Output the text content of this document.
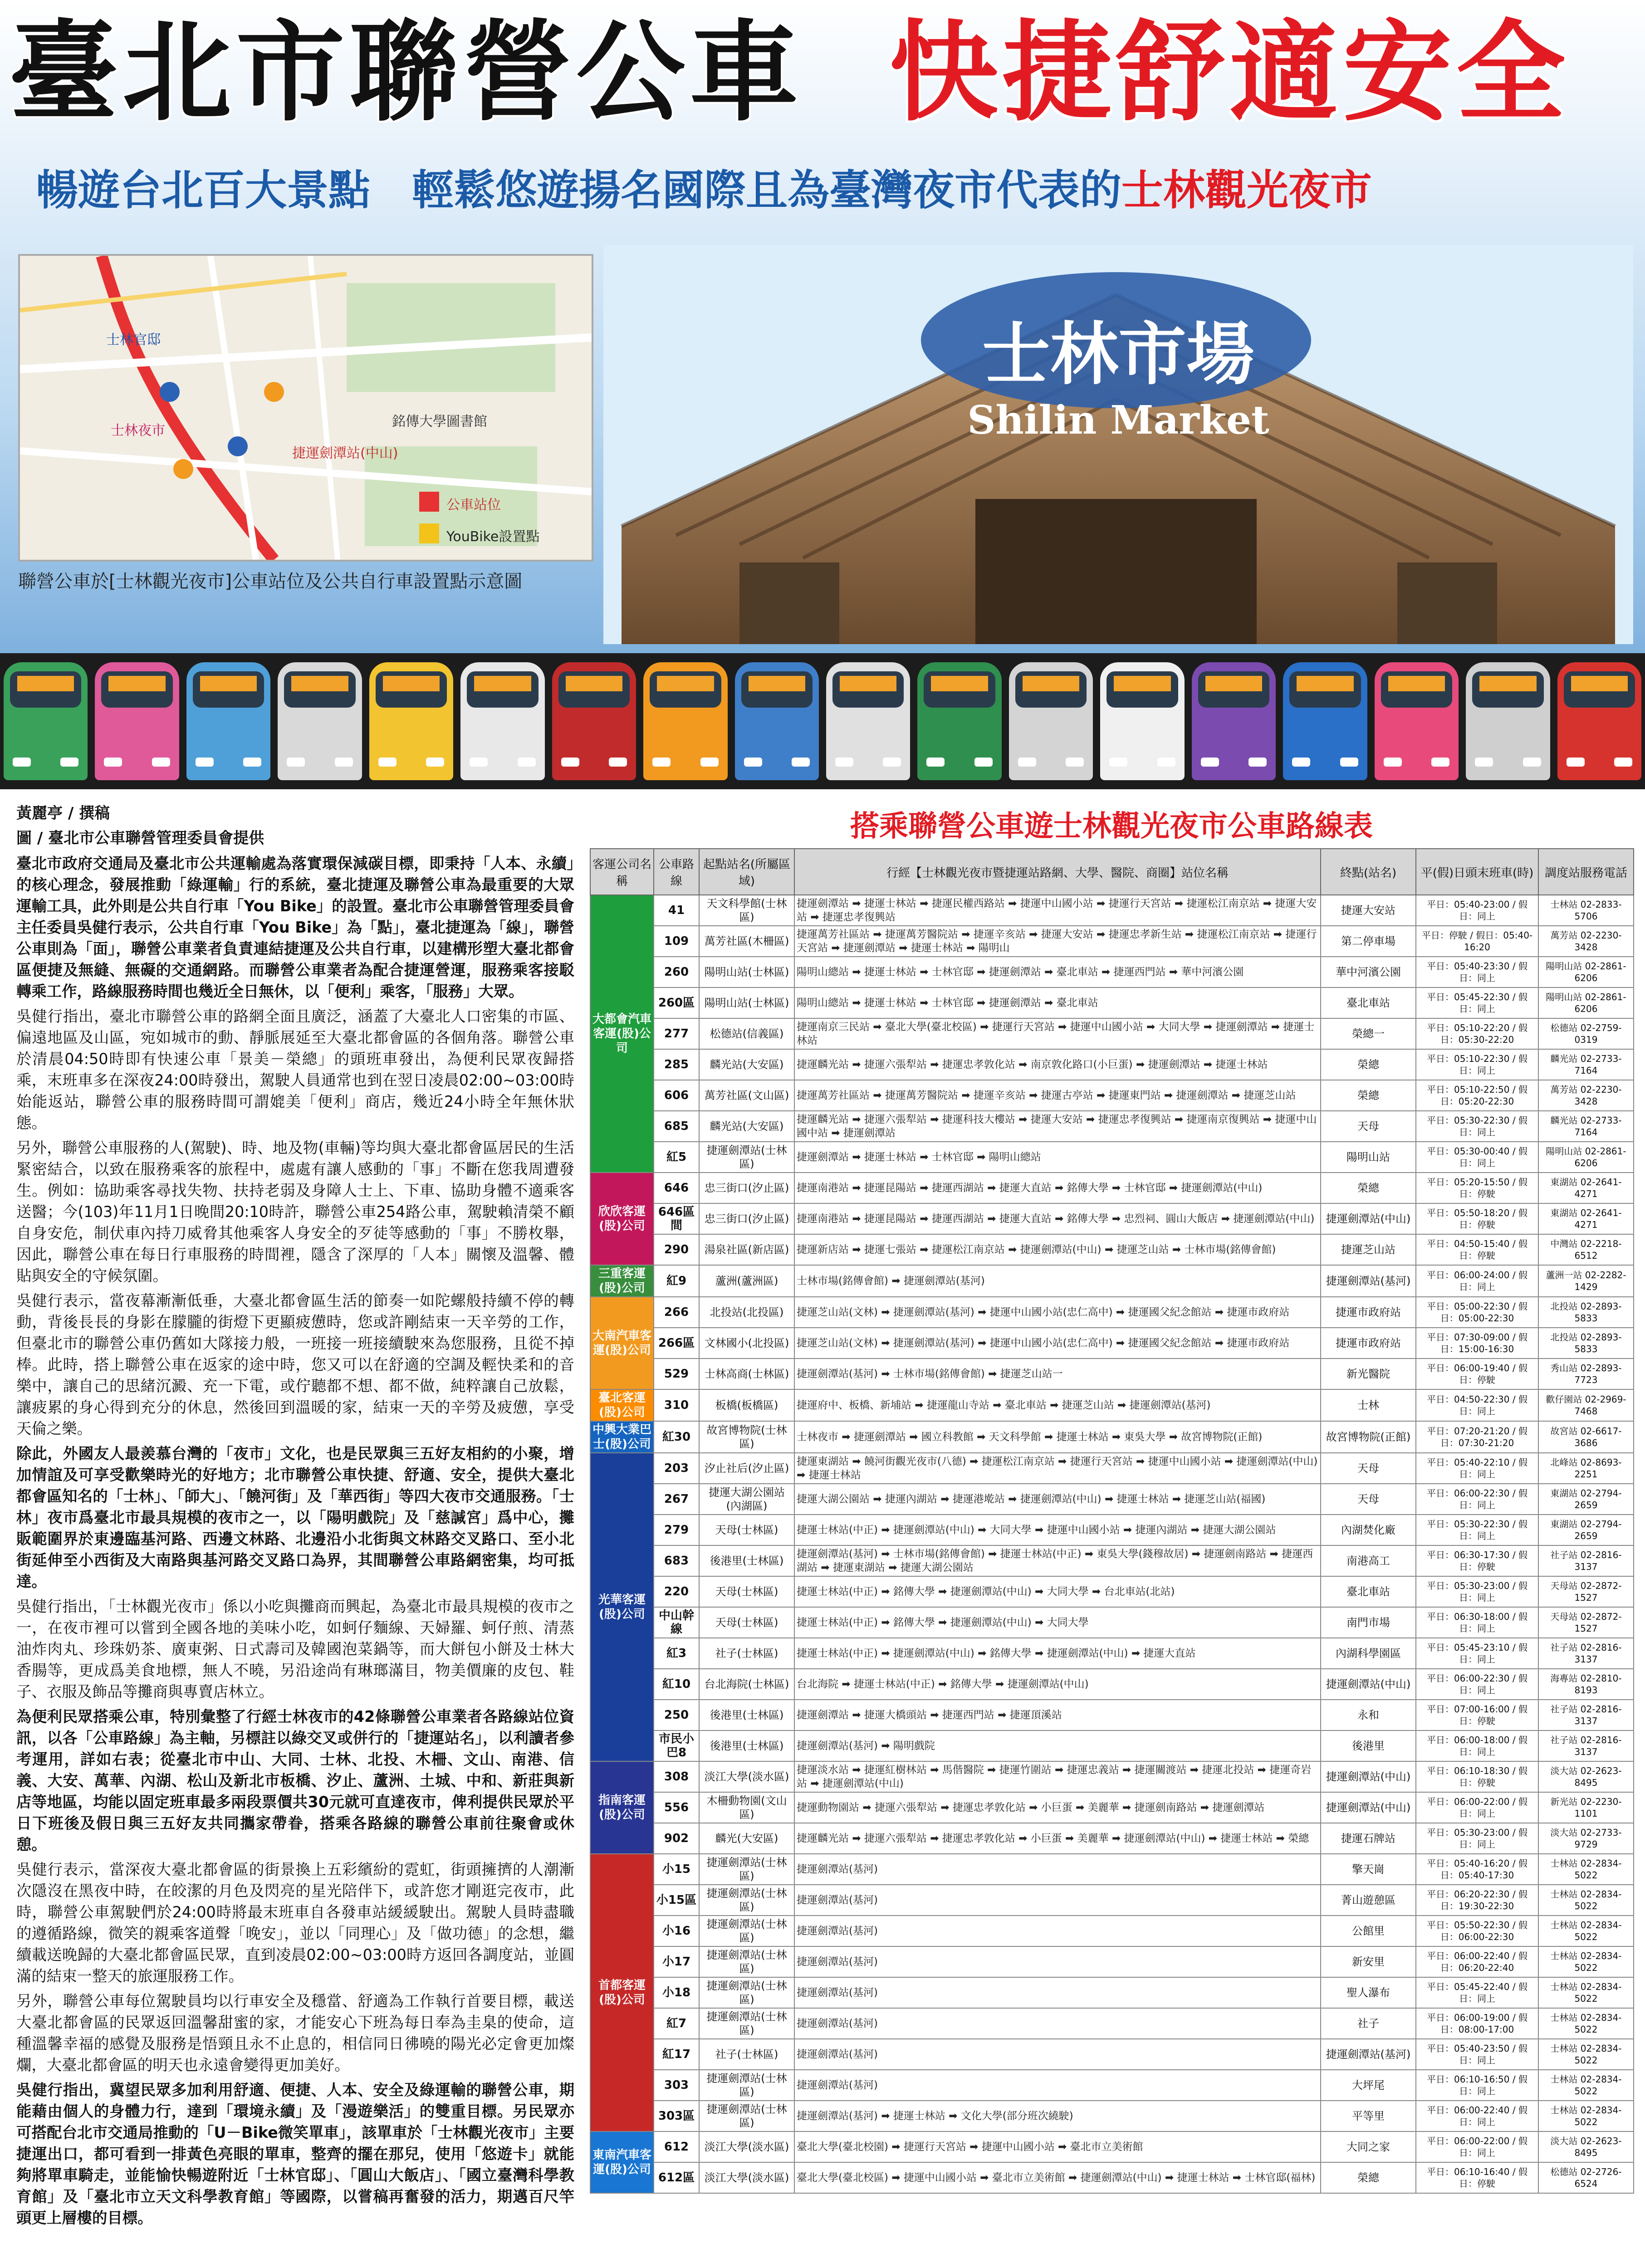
臺北市聯營公車 快捷舒適安全
暢遊台北百大景點　輕鬆悠遊揚名國際且為臺灣夜市代表的士林觀光夜市
士林官邸
士林夜市
捷運劍潭站(中山)
公車站位
YouBike設置點
銘傳大學圖書館
聯營公車於[士林觀光夜市]公車站位及公共自行車設置點示意圖
士林市場
Shilin Market

黃麗亭 / 撰稿

圖 / 臺北市公車聯營管理委員會提供

臺北市政府交通局及臺北市公共運輸處為落實環保減碳目標，即秉持「人本、永續」的核心理念，發展推動「綠運輸」行的系統，臺北捷運及聯營公車為最重要的大眾運輸工具，此外則是公共自行車「You Bike」的設置。臺北市公車聯營管理委員會主任委員吳健行表示，公共自行車「You Bike」為「點」，臺北捷運為「線」，聯營公車則為「面」，聯營公車業者負責連結捷運及公共自行車，以建構形塑大臺北都會區便捷及無縫、無礙的交通網路。而聯營公車業者為配合捷運營運，服務乘客接駁轉乘工作，路線服務時間也幾近全日無休，以「便利」乘客，「服務」大眾。

吳健行指出，臺北市聯營公車的路網全面且廣泛，涵蓋了大臺北人口密集的市區、偏遠地區及山區，宛如城市的動、靜脈展延至大臺北都會區的各個角落。聯營公車於清晨04:50時即有快速公車「景美－榮總」的頭班車發出，為便利民眾夜歸搭乘，末班車多在深夜24:00時發出，駕駛人員通常也到在翌日凌晨02:00~03:00時始能返站，聯營公車的服務時間可謂媲美「便利」商店，幾近24小時全年無休狀態。

另外，聯營公車服務的人(駕駛)、時、地及物(車輛)等均與大臺北都會區居民的生活緊密結合，以致在服務乘客的旅程中，處處有讓人感動的「事」不斷在您我周遭發生。例如：協助乘客尋找失物、扶持老弱及身障人士上、下車、協助身體不適乘客送醫；今(103)年11月1日晚間20:10時許，聯營公車254路公車，駕駛賴清榮不顧自身安危，制伏車內持刀威脅其他乘客人身安全的歹徒等感動的「事」不勝枚舉，因此，聯營公車在每日行車服務的時間裡，隱含了深厚的「人本」關懷及溫馨、體貼與安全的守候氛圍。

吳健行表示，當夜幕漸漸低垂，大臺北都會區生活的節奏一如陀螺般持續不停的轉動，背後長長的身影在朦朧的街燈下更顯疲憊時，您或許剛結束一天辛勞的工作，但臺北市的聯營公車仍舊如大隊接力般，一班接一班接續駛來為您服務，且從不掉棒。此時，搭上聯營公車在返家的途中時，您又可以在舒適的空調及輕快柔和的音樂中，讓自己的思緒沉澱、充一下電，或佇聽都不想、都不做，純粹讓自己放鬆，讓疲累的身心得到充分的休息，然後回到溫暖的家，結束一天的辛勞及疲憊，享受天倫之樂。

除此，外國友人最羨慕台灣的「夜市」文化，也是民眾與三五好友相約的小聚，增加情誼及可享受歡樂時光的好地方；北市聯營公車快捷、舒適、安全，提供大臺北都會區知名的「士林」、「師大」、「饒河街」及「華西街」等四大夜市交通服務。「士林」夜市爲臺北市最具規模的夜市之一，以「陽明戲院」及「慈諴宮」爲中心，攤販範圍界於東邊臨基河路、西邊文林路、北邊沿小北街與文林路交叉路口、至小北街延伸至小西街及大南路與基河路交叉路口為界，其間聯營公車路網密集，均可抵達。

吳健行指出，「士林觀光夜市」係以小吃與攤商而興起，為臺北市最具規模的夜市之一，在夜市裡可以嘗到全國各地的美味小吃，如蚵仔麵線、天婦羅、蚵仔煎、清蒸油炸肉丸、珍珠奶茶、廣東粥、日式壽司及韓國泡菜鍋等，而大餅包小餅及士林大香腸等，更成爲美食地標，無人不曉，另沿途尚有琳瑯滿目，物美價廉的皮包、鞋子、衣服及飾品等攤商與專賣店林立。

為便利民眾搭乘公車，特別彙整了行經士林夜市的42條聯營公車業者各路線站位資訊，以各「公車路線」為主軸，另標註以綠交叉或併行的「捷運站名」，以利讀者參考運用，詳如右表；從臺北市中山、大同、士林、北投、木柵、文山、南港、信義、大安、萬華、內湖、松山及新北市板橋、汐止、蘆洲、土城、中和、新莊與新店等地區，均能以固定班車最多兩段票價共30元就可直達夜市，俾利提供民眾於平日下班後及假日與三五好友共同攜家帶眷，搭乘各路線的聯營公車前往聚會或休憩。

吳健行表示，當深夜大臺北都會區的街景換上五彩繽紛的霓虹，街頭擁擠的人潮漸次隱沒在黑夜中時，在皎潔的月色及閃亮的星光陪伴下，或許您才剛逛完夜市，此時，聯營公車駕駛們於24:00時將最末班車自各發車站緩緩駛出。駕駛人員時盡職的遵循路線，微笑的親乘客道聲「晚安」，並以「同理心」及「做功德」的念想，繼續載送晚歸的大臺北都會區民眾，直到凌晨02:00~03:00時方返回各調度站，並圓滿的結束一整天的旅運服務工作。

另外，聯營公車每位駕駛員均以行車安全及穩當、舒適為工作執行首要目標，載送大臺北都會區的民眾返回溫馨甜蜜的家，才能安心下班為每日奉為圭臬的使命，這種溫馨幸福的感覺及服務是悟頸且永不止息的，相信同日彿曉的陽光必定會更加燦爛，大臺北都會區的明天也永遠會變得更加美好。

吳健行指出，冀望民眾多加利用舒適、便捷、人本、安全及綠運輸的聯營公車，期能藉由個人的身體力行，達到「環境永續」及「漫遊樂活」的雙重目標。另民眾亦可搭配台北市交通局推動的「U－Bike微笑單車」，該單車於「士林觀光夜市」主要捷運出口，都可看到一排黃色亮眼的單車，整齊的擺在那兒，使用「悠遊卡」就能夠將單車騎走，並能愉快暢遊附近「士林官邸」、「圓山大飯店」、「國立臺灣科學教育館」及「臺北市立天文科學教育館」等國際，以嘗稿再奮發的活力，期邁百尺竿頭更上層樓的目標。

搭乘聯營公車遊士林觀光夜市公車路線表
客運公司名稱	公車路線	起點站名(所屬區域)	行經【士林觀光夜市暨捷運站路網、大學、醫院、商圈】站位名稱	終點(站名)	平(假)日頭末班車(時)	調度站服務電話
大都會汽車客運(股)公司	41	天文科學館(士林區)	捷運劍潭站 ➡ 捷運士林站 ➡ 捷運民權西路站 ➡ 捷運中山國小站 ➡ 捷運行天宮站 ➡ 捷運松江南京站 ➡ 捷運大安站 ➡ 捷運忠孝復興站	捷運大安站	平日：05:40-23:00 / 假日：同上	士林站 02-2833-5706
	109	萬芳社區(木柵區)	捷運萬芳社區站 ➡ 捷運萬芳醫院站 ➡ 捷運辛亥站 ➡ 捷運大安站 ➡ 捷運忠孝新生站 ➡ 捷運松江南京站 ➡ 捷運行天宮站 ➡ 捷運劍潭站 ➡ 捷運士林站 ➡ 陽明山	第二停車場	平日：停駛 / 假日：05:40-16:20	萬芳站 02-2230-3428
	260	陽明山站(士林區)	陽明山總站 ➡ 捷運士林站 ➡ 士林官邸 ➡ 捷運劍潭站 ➡ 臺北車站 ➡ 捷運西門站 ➡ 華中河濱公園	華中河濱公園	平日：05:40-23:30 / 假日：同上	陽明山站 02-2861-6206
	260區	陽明山站(士林區)	陽明山總站 ➡ 捷運士林站 ➡ 士林官邸 ➡ 捷運劍潭站 ➡ 臺北車站	臺北車站	平日：05:45-22:30 / 假日：同上	陽明山站 02-2861-6206
	277	松德站(信義區)	捷運南京三民站 ➡ 臺北大學(臺北校區) ➡ 捷運行天宮站 ➡ 捷運中山國小站 ➡ 大同大學 ➡ 捷運劍潭站 ➡ 捷運士林站	榮總一	平日：05:10-22:20 / 假日：05:30-22:20	松德站 02-2759-0319
	285	麟光站(大安區)	捷運麟光站 ➡ 捷運六張犁站 ➡ 捷運忠孝敦化站 ➡ 南京敦化路口(小巨蛋) ➡ 捷運劍潭站 ➡ 捷運士林站	榮總	平日：05:10-22:30 / 假日：同上	麟光站 02-2733-7164
	606	萬芳社區(文山區)	捷運萬芳社區站 ➡ 捷運萬芳醫院站 ➡ 捷運辛亥站 ➡ 捷運古亭站 ➡ 捷運東門站 ➡ 捷運劍潭站 ➡ 捷運芝山站	榮總	平日：05:10-22:50 / 假日：05:20-22:30	萬芳站 02-2230-3428
	685	麟光站(大安區)	捷運麟光站 ➡ 捷運六張犁站 ➡ 捷運科技大樓站 ➡ 捷運大安站 ➡ 捷運忠孝復興站 ➡ 捷運南京復興站 ➡ 捷運中山國中站 ➡ 捷運劍潭站	天母	平日：05:30-22:30 / 假日：同上	麟光站 02-2733-7164
	紅5	捷運劍潭站(士林區)	捷運劍潭站 ➡ 捷運士林站 ➡ 士林官邸 ➡ 陽明山總站	陽明山站	平日：05:30-00:40 / 假日：同上	陽明山站 02-2861-6206
欣欣客運(股)公司	646	忠三街口(汐止區)	捷運南港站 ➡ 捷運昆陽站 ➡ 捷運西湖站 ➡ 捷運大直站 ➡ 銘傳大學 ➡ 士林官邸 ➡ 捷運劍潭站(中山)	榮總	平日：05:20-15:50 / 假日：停駛	東湖站 02-2641-4271
	646區間	忠三街口(汐止區)	捷運南港站 ➡ 捷運昆陽站 ➡ 捷運西湖站 ➡ 捷運大直站 ➡ 銘傳大學 ➡ 忠烈祠、圓山大飯店 ➡ 捷運劍潭站(中山)	捷運劍潭站(中山)	平日：05:50-18:20 / 假日：停駛	東湖站 02-2641-4271
	290	湯泉社區(新店區)	捷運新店站 ➡ 捷運七張站 ➡ 捷運松江南京站 ➡ 捷運劍潭站(中山) ➡ 捷運芝山站 ➡ 士林市場(銘傳會館)	捷運芝山站	平日：04:50-15:40 / 假日：停駛	中灣站 02-2218-6512
三重客運(股)公司	紅9	蘆洲(蘆洲區)	士林市場(銘傳會館) ➡ 捷運劍潭站(基河)	捷運劍潭站(基河)	平日：06:00-24:00 / 假日：同上	蘆洲一站 02-2282-1429
大南汽車客運(股)公司	266	北投站(北投區)	捷運芝山站(文林) ➡ 捷運劍潭站(基河) ➡ 捷運中山國小站(忠仁高中) ➡ 捷運國父紀念館站 ➡ 捷運市政府站	捷運市政府站	平日：05:00-22:30 / 假日：05:00-22:30	北投站 02-2893-5833
	266區	文林國小(北投區)	捷運芝山站(文林) ➡ 捷運劍潭站(基河) ➡ 捷運中山國小站(忠仁高中) ➡ 捷運國父紀念館站 ➡ 捷運市政府站	捷運市政府站	平日：07:30-09:00 / 假日：15:00-16:30	北投站 02-2893-5833
	529	士林高商(士林區)	捷運劍潭站(基河) ➡ 士林市場(銘傳會館) ➡ 捷運芝山站一	新光醫院	平日：06:00-19:40 / 假日：停駛	秀山站 02-2893-7723
臺北客運(股)公司	310	板橋(板橋區)	捷運府中、板橋、新埔站 ➡ 捷運龍山寺站 ➡ 臺北車站 ➡ 捷運芝山站 ➡ 捷運劍潭站(基河)	士林	平日：04:50-22:30 / 假日：同上	歡仔園站 02-2969-7468
中興大業巴士(股)公司	紅30	故宮博物院(士林區)	士林夜市 ➡ 捷運劍潭站 ➡ 國立科教館 ➡ 天文科學館 ➡ 捷運士林站 ➡ 東吳大學 ➡ 故宮博物院(正館)	故宮博物院(正館)	平日：07:20-21:20 / 假日：07:30-21:20	故宮站 02-6617-3686
光華客運(股)公司	203	汐止社后(汐止區)	捷運東湖站 ➡ 饒河街觀光夜市(八德) ➡ 捷運松江南京站 ➡ 捷運行天宮站 ➡ 捷運中山國小站 ➡ 捷運劍潭站(中山) ➡ 捷運士林站	天母	平日：05:40-22:10 / 假日：同上	北峰站 02-8693-2251
	267	捷運大湖公園站(內湖區)	捷運大湖公園站 ➡ 捷運內湖站 ➡ 捷運港墘站 ➡ 捷運劍潭站(中山) ➡ 捷運士林站 ➡ 捷運芝山站(福國)	天母	平日：06:00-22:30 / 假日：同上	東湖站 02-2794-2659
	279	天母(士林區)	捷運士林站(中正) ➡ 捷運劍潭站(中山) ➡ 大同大學 ➡ 捷運中山國小站 ➡ 捷運內湖站 ➡ 捷運大湖公園站	內湖焚化廠	平日：05:30-22:30 / 假日：同上	東湖站 02-2794-2659
	683	後港里(士林區)	捷運劍潭站(基河) ➡ 士林市場(銘傳會館) ➡ 捷運士林站(中正) ➡ 東吳大學(錢穆故居) ➡ 捷運劍南路站 ➡ 捷運西湖站 ➡ 捷運東湖站 ➡ 捷運大湖公園站	南港高工	平日：06:30-17:30 / 假日：停駛	社子站 02-2816-3137
	220	天母(士林區)	捷運士林站(中正) ➡ 銘傳大學 ➡ 捷運劍潭站(中山) ➡ 大同大學 ➡ 台北車站(北站)	臺北車站	平日：05:30-23:00 / 假日：同上	天母站 02-2872-1527
	中山幹線	天母(士林區)	捷運士林站(中正) ➡ 銘傳大學 ➡ 捷運劍潭站(中山) ➡ 大同大學	南門市場	平日：06:30-18:00 / 假日：同上	天母站 02-2872-1527
	紅3	社子(士林區)	捷運士林站(中正) ➡ 捷運劍潭站(中山) ➡ 銘傳大學 ➡ 捷運劍潭站(中山) ➡ 捷運大直站	內湖科學園區	平日：05:45-23:10 / 假日：同上	社子站 02-2816-3137
	紅10	台北海院(士林區)	台北海院 ➡ 捷運士林站(中正) ➡ 銘傳大學 ➡ 捷運劍潭站(中山)	捷運劍潭站(中山)	平日：06:00-22:30 / 假日：同上	海專站 02-2810-8193
	250	後港里(士林區)	捷運劍潭站 ➡ 捷運大橋頭站 ➡ 捷運西門站 ➡ 捷運頂溪站	永和	平日：07:00-16:00 / 假日：停駛	社子站 02-2816-3137
	市民小巴8	後港里(士林區)	捷運劍潭站(基河) ➡ 陽明戲院	後港里	平日：06:00-18:00 / 假日：同上	社子站 02-2816-3137
指南客運(股)公司	308	淡江大學(淡水區)	捷運淡水站 ➡ 捷運紅樹林站 ➡ 馬偕醫院 ➡ 捷運竹圍站 ➡ 捷運忠義站 ➡ 捷運關渡站 ➡ 捷運北投站 ➡ 捷運奇岩站 ➡ 捷運劍潭站(中山)	捷運劍潭站(中山)	平日：06:10-18:30 / 假日：停駛	淡大站 02-2623-8495
	556	木柵動物園(文山區)	捷運動物園站 ➡ 捷運六張犁站 ➡ 捷運忠孝敦化站 ➡ 小巨蛋 ➡ 美麗華 ➡ 捷運劍南路站 ➡ 捷運劍潭站	捷運劍潭站(中山)	平日：06:00-22:00 / 假日：同上	新光站 02-2230-1101
	902	麟光(大安區)	捷運麟光站 ➡ 捷運六張犁站 ➡ 捷運忠孝敦化站 ➡ 小巨蛋 ➡ 美麗華 ➡ 捷運劍潭站(中山) ➡ 捷運士林站 ➡ 榮總	捷運石牌站	平日：05:30-23:00 / 假日：同上	淡大站 02-2733-9729
首都客運(股)公司	小15	捷運劍潭站(士林區)	捷運劍潭站(基河)	擎天崗	平日：05:40-16:20 / 假日：05:40-17:30	士林站 02-2834-5022
	小15區	捷運劍潭站(士林區)	捷運劍潭站(基河)	菁山遊憩區	平日：06:20-22:30 / 假日：19:30-22:30	士林站 02-2834-5022
	小16	捷運劍潭站(士林區)	捷運劍潭站(基河)	公館里	平日：05:50-22:30 / 假日：06:00-22:30	士林站 02-2834-5022
	小17	捷運劍潭站(士林區)	捷運劍潭站(基河)	新安里	平日：06:00-22:40 / 假日：06:20-22:40	士林站 02-2834-5022
	小18	捷運劍潭站(士林區)	捷運劍潭站(基河)	聖人瀑布	平日：05:45-22:40 / 假日：同上	士林站 02-2834-5022
	紅7	捷運劍潭站(士林區)	捷運劍潭站(基河)	社子	平日：06:00-19:00 / 假日：08:00-17:00	士林站 02-2834-5022
	紅17	社子(士林區)	捷運劍潭站(基河)	捷運劍潭站(基河)	平日：05:40-23:50 / 假日：同上	士林站 02-2834-5022
	303	捷運劍潭站(士林區)	捷運劍潭站(基河)	大坪尾	平日：06:10-16:50 / 假日：同上	士林站 02-2834-5022
	303區	捷運劍潭站(士林區)	捷運劍潭站(基河) ➡ 捷運士林站 ➡ 文化大學(部分班次繞駛)	平等里	平日：06:00-22:40 / 假日：同上	士林站 02-2834-5022
東南汽車客運(股)公司	612	淡江大學(淡水區)	臺北大學(臺北校園) ➡ 捷運行天宮站 ➡ 捷運中山國小站 ➡ 臺北市立美術館	大同之家	平日：06:00-22:00 / 假日：同上	淡大站 02-2623-8495
	612區	淡江大學(淡水區)	臺北大學(臺北校區) ➡ 捷運中山國小站 ➡ 臺北市立美術館 ➡ 捷運劍潭站(中山) ➡ 捷運士林站 ➡ 士林官邸(福林)	榮總	平日：06:10-16:40 / 假日：停駛	松德站 02-2726-6524
